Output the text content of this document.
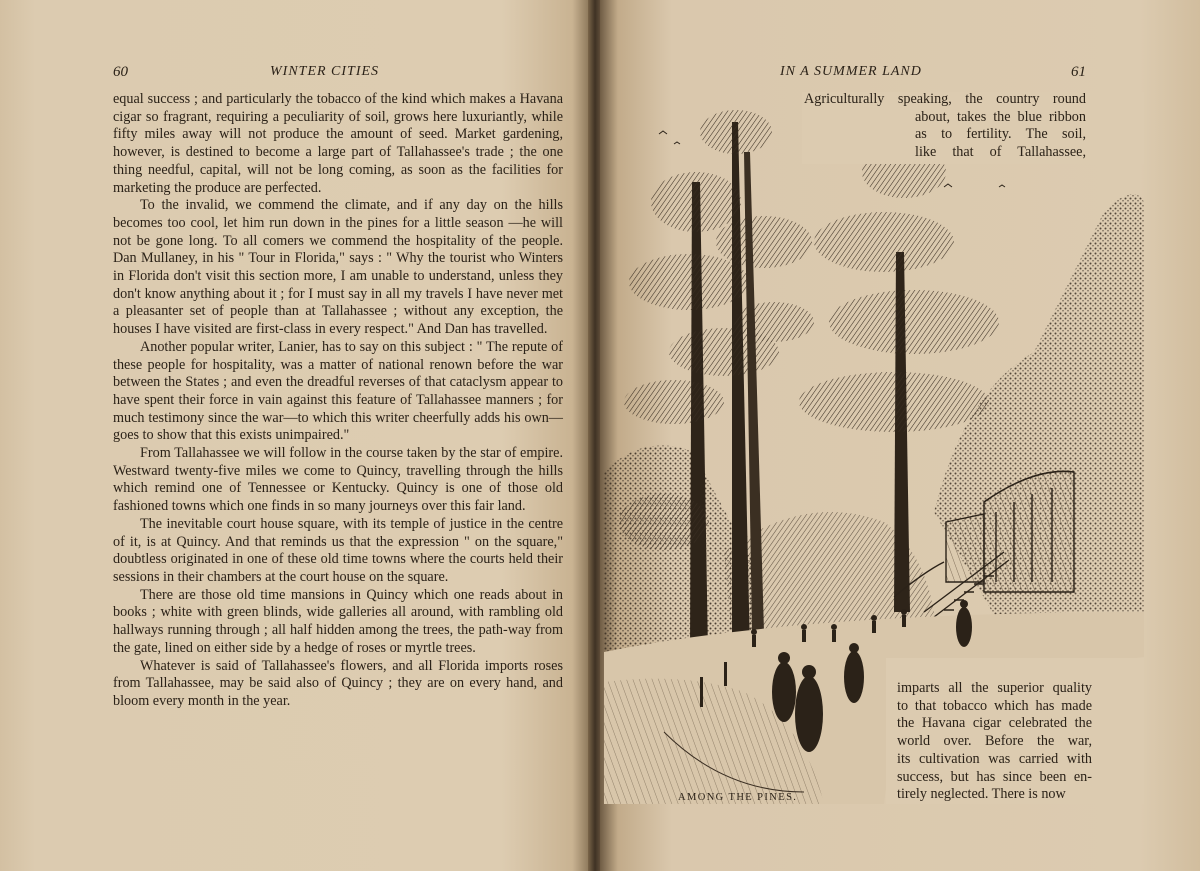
60	WINTER CITIES

equal success ; and particularly the tobacco of the kind which makes a Havana cigar so fragrant, requiring a peculiarity of soil, grows here luxuriantly, while fifty miles away will not produce the amount of seed. Market gardening, however, is destined to become a large part of Tallahassee's trade ; the one thing needful, capital, will not be long coming, as soon as the facilities for marketing the produce are perfected.

To the invalid, we commend the climate, and if any day on the hills becomes too cool, let him run down in the pines for a little season —he will not be gone long. To all comers we commend the hospitality of the people. Dan Mullaney, in his " Tour in Florida," says : " Why the tourist who Winters in Florida don't visit this section more, I am unable to understand, unless they don't know anything about it ; for I must say in all my travels I have never met a pleasanter set of people than at Tallahassee ; without any exception, the houses I have visited are first-class in every respect." And Dan has travelled.

Another popular writer, Lanier, has to say on this subject : " The repute of these people for hospitality, was a matter of national renown before the war between the States ; and even the dreadful reverses of that cataclysm appear to have spent their force in vain against this feature of Tallahassee manners ; for much testimony since the war—to which this writer cheerfully adds his own—goes to show that this exists unimpaired."

From Tallahassee we will follow in the course taken by the star of empire. Westward twenty-five miles we come to Quincy, travelling through the hills which remind one of Tennessee or Kentucky. Quincy is one of those old fashioned towns which one finds in so many journeys over this fair land.

The inevitable court house square, with its temple of justice in the centre of it, is at Quincy. And that reminds us that the expression " on the square," doubtless originated in one of these old time towns where the courts held their sessions in their chambers at the court house on the square.

There are those old time mansions in Quincy which one reads about in books ; white with green blinds, wide galleries all around, with rambling old hallways running through ; all half hidden among the trees, the path-way from the gate, lined on either side by a hedge of roses or myrtle trees.

Whatever is said of Tallahassee's flowers, and all Florida imports roses from Tallahassee, may be said also of Quincy ; they are on every hand, and bloom every month in the year.

IN A SUMMER LAND	61
Agriculturally speaking, the country round
about, takes the blue ribbon
as to fertility. The soil,
like that of Tallahassee,
imparts all the superior quality
to that tobacco which has made
the Havana cigar celebrated the
world over. Before the war,
its cultivation was carried with
success, but has since been en-
tirely neglected. There is now
AMONG THE PINES.
